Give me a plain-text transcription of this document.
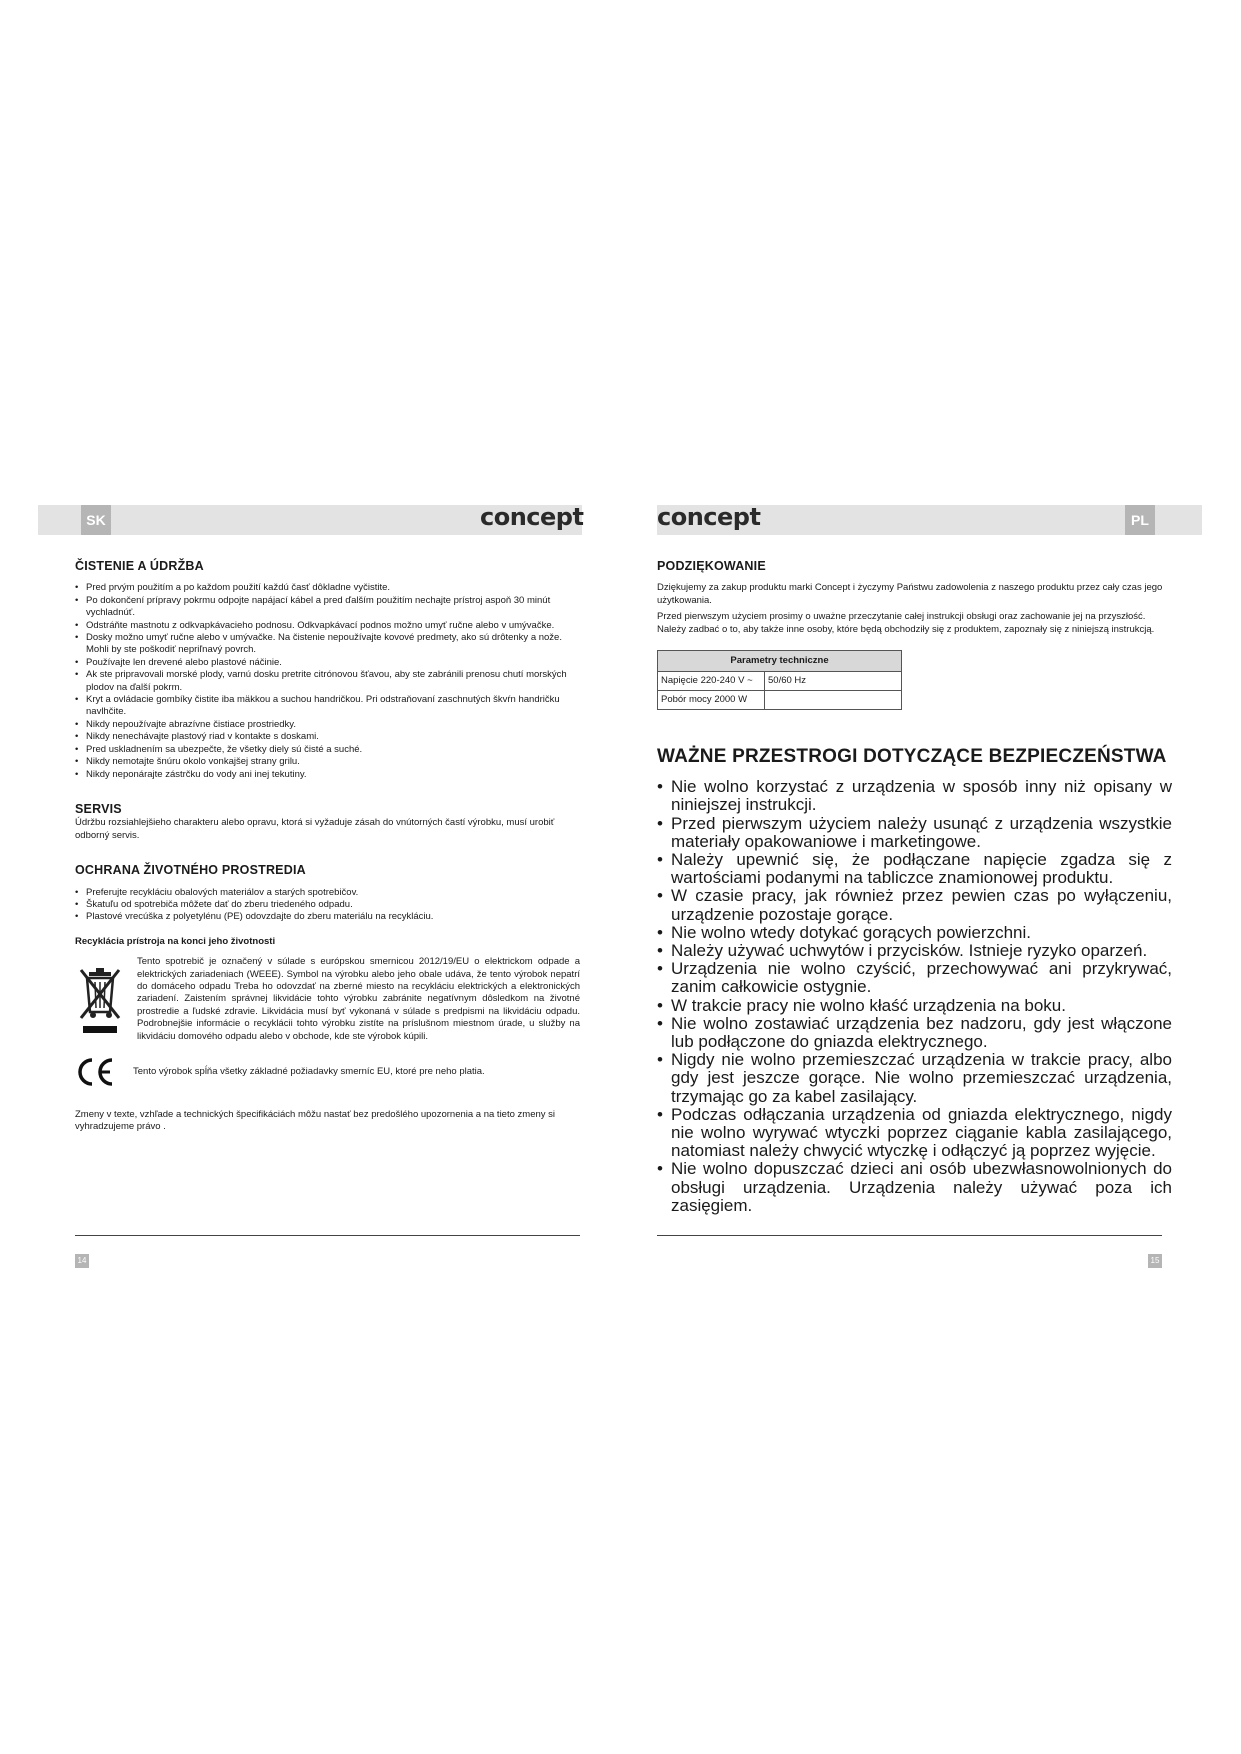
SK	PL
concept	concept
ČISTENIE A ÚDRŽBA
• Pred prvým použitím a po každom použití každú časť dôkladne vyčistite.
• Po dokončení prípravy pokrmu odpojte napájací kábel a pred ďalším použitím nechajte prístroj aspoň 30 minút vychladnúť.
• Odstráňte mastnotu z odkvapkávacieho podnosu. Odkvapkávací podnos možno umyť ručne alebo v umývačke.
• Dosky možno umyť ručne alebo v umývačke. Na čistenie nepoužívajte kovové predmety, ako sú drôtenky a nože. Mohli by ste poškodiť nepriľnavý povrch.
• Používajte len drevené alebo plastové náčinie.
• Ak ste pripravovali morské plody, varnú dosku pretrite citrónovou šťavou, aby ste zabránili prenosu chutí morských plodov na ďalší pokrm.
• Kryt a ovládacie gombíky čistite iba mäkkou a suchou handričkou. Pri odstraňovaní zaschnutých škvŕn handričku navlhčite.
• Nikdy nepoužívajte abrazívne čistiace prostriedky.
• Nikdy nenechávajte plastový riad v kontakte s doskami.
• Pred uskladnením sa ubezpečte, že všetky diely sú čisté a suché.
• Nikdy nemotajte šnúru okolo vonkajšej strany grilu.
• Nikdy neponárajte zástrčku do vody ani inej tekutiny.
SERVIS

Údržbu rozsiahlejšieho charakteru alebo opravu, ktorá si vyžaduje zásah do vnútorných častí výrobku, musí urobiť odborný servis.

OCHRANA ŽIVOTNÉHO PROSTREDIA
• Preferujte recykláciu obalových materiálov a starých spotrebičov.
• Škatuľu od spotrebiča môžete dať do zberu triedeného odpadu.
• Plastové vrecúška z polyetylénu (PE) odovzdajte do zberu materiálu na recykláciu.
Recyklácia prístroja na konci jeho životnosti
Tento spotrebič je označený v súlade s európskou smernicou 2012/19/EU o elektrickom odpade a elektrických zariadeniach (WEEE). Symbol na výrobku alebo jeho obale udáva, že tento výrobok nepatrí do domáceho odpadu Treba ho odovzdať na zberné miesto na recykláciu elektrických a elektronických zariadení. Zaistením správnej likvidácie tohto výrobku zabránite negatívnym dôsledkom na životné prostredie a ľudské zdravie. Likvidácia musí byť vykonaná v súlade s predpismi na likvidáciu odpadu. Podrobnejšie informácie o recyklácii tohto výrobku zistíte na príslušnom miestnom úrade, u služby na likvidáciu domového odpadu alebo v obchode, kde ste výrobok kúpili.
Tento výrobok spĺňa všetky základné požiadavky smerníc EU, ktoré pre neho platia.

Zmeny v texte, vzhľade a technických špecifikáciách môžu nastať bez predošlého upozornenia a na tieto zmeny si vyhradzujeme právo .

PODZIĘKOWANIE

Dziękujemy za zakup produktu marki Concept i życzymy Państwu zadowolenia z naszego produktu przez cały czas jego użytkowania.

Przed pierwszym użyciem prosimy o uważne przeczytanie całej instrukcji obsługi oraz zachowanie jej na przyszłość. Należy zadbać o to, aby także inne osoby, które będą obchodziły się z produktem, zapoznały się z niniejszą instrukcją.

Parametry techniczne	
Napięcie 220-240 V ~	50/60 Hz
Pobór mocy 2000 W	
WAŻNE PRZESTROGI DOTYCZĄCE BEZPIECZEŃSTWA
• Nie wolno korzystać z urządzenia w sposób inny niż opisany w niniejszej instrukcji.
• Przed pierwszym użyciem należy usunąć z urządzenia wszystkie materiały opakowaniowe i marketingowe.
• Należy upewnić się, że podłączane napięcie zgadza się z wartościami podanymi na tabliczce znamionowej produktu.
• W czasie pracy, jak również przez pewien czas po wyłączeniu, urządzenie pozostaje gorące.
• Nie wolno wtedy dotykać gorących powierzchni.
• Należy używać uchwytów i przycisków. Istnieje ryzyko oparzeń.
• Urządzenia nie wolno czyścić, przechowywać ani przykrywać, zanim całkowicie ostygnie.
• W trakcie pracy nie wolno kłaść urządzenia na boku.
• Nie wolno zostawiać urządzenia bez nadzoru, gdy jest włączone lub podłączone do gniazda elektrycznego.
• Nigdy nie wolno przemieszczać urządzenia w trakcie pracy, albo gdy jest jeszcze gorące. Nie wolno przemieszczać urządzenia, trzymając go za kabel zasilający.
• Podczas odłączania urządzenia od gniazda elektrycznego, nigdy nie wolno wyrywać wtyczki poprzez ciąganie kabla zasilającego, natomiast należy chwycić wtyczkę i odłączyć ją poprzez wyjęcie.
• Nie wolno dopuszczać dzieci ani osób ubezwłasnowolnionych do obsługi urządzenia. Urządzenia należy używać poza ich zasięgiem.
14	15
